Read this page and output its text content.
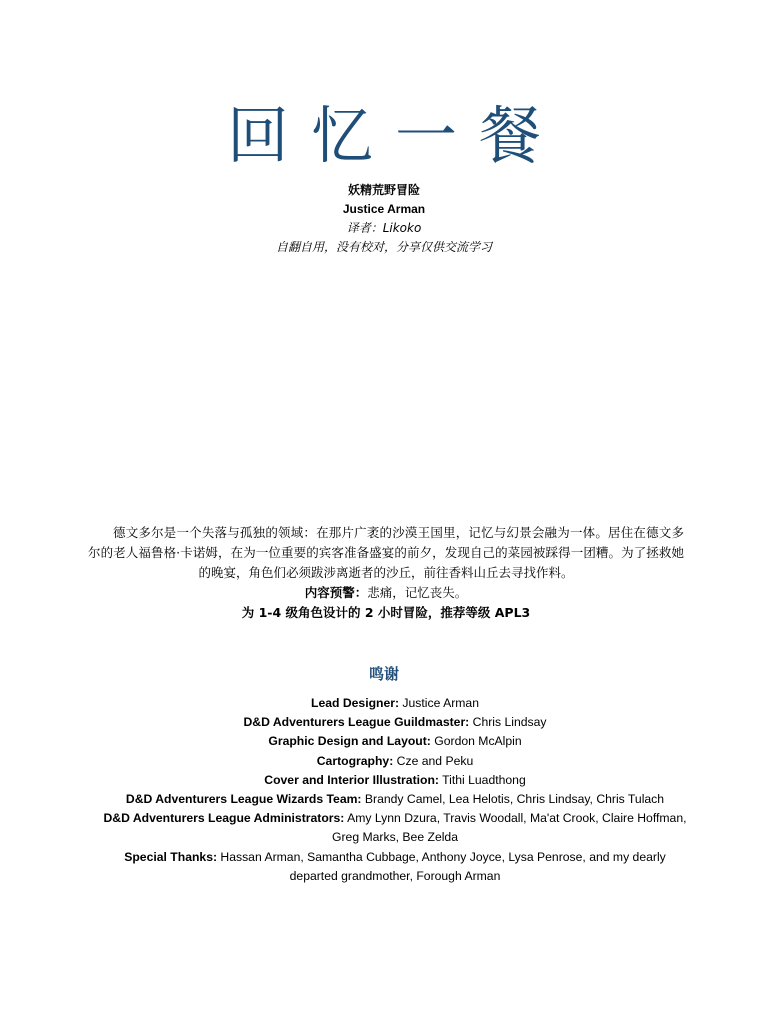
回忆一餐
妖精荒野冒险
Justice Arman
译者：Likoko
自翻自用，没有校对，分享仅供交流学习

德文多尔是一个失落与孤独的领域：在那片广袤的沙漠王国里，记忆与幻景会融为一体。居住在德文多尔的老人福鲁格·卡诺姆，在为一位重要的宾客准备盛宴的前夕，发现自己的菜园被踩得一团糟。为了拯救她的晚宴，角色们必须跋涉离逝者的沙丘，前往香料山丘去寻找作料。

内容预警：悲痛，记忆丧失。

为 1-4 级角色设计的 2 小时冒险，推荐等级 APL3

鸣谢

Lead Designer: Justice Arman

D&D Adventurers League Guildmaster: Chris Lindsay

Graphic Design and Layout: Gordon McAlpin

Cartography: Cze and Peku

Cover and Interior Illustration: Tithi Luadthong

D&D Adventurers League Wizards Team: Brandy Camel, Lea Helotis, Chris Lindsay, Chris Tulach

D&D Adventurers League Administrators: Amy Lynn Dzura, Travis Woodall, Ma'at Crook, Claire Hoffman, Greg Marks, Bee Zelda

Special Thanks: Hassan Arman, Samantha Cubbage, Anthony Joyce, Lysa Penrose, and my dearly departed grandmother, Forough Arman
